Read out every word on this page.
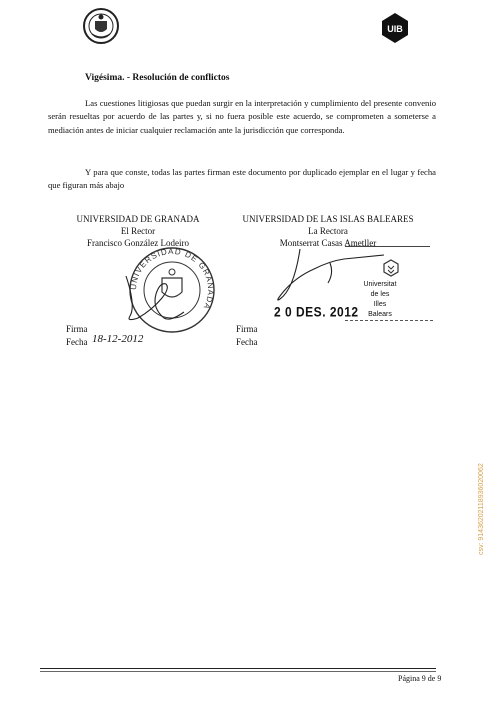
UIB
Vigésima. - Resolución de conflictos
Las cuestiones litigiosas que puedan surgir en la interpretación y cumplimiento del presente convenio serán resueltas por acuerdo de las partes y, si no fuera posible este acuerdo, se comprometen a someterse a mediación antes de iniciar cualquier reclamación ante la jurisdicción que corresponda.
Y para que conste, todas las partes firman este documento por duplicado ejemplar en el lugar y fecha que figuran más abajo
UNIVERSIDAD DE GRANADA
El Rector
Francisco González Lodeiro
UNIVERSIDAD DE GRANADA
Firma
Fecha 18-12-2012
UNIVERSIDAD DE LAS ISLAS BALEARES
La Rectora
Montserrat Casas Ametller
Universitat
de les
Illes
Balears
Firma
Fecha
2 0 DES. 2012
Página 9 de 9
csv: 91436202118936020062
